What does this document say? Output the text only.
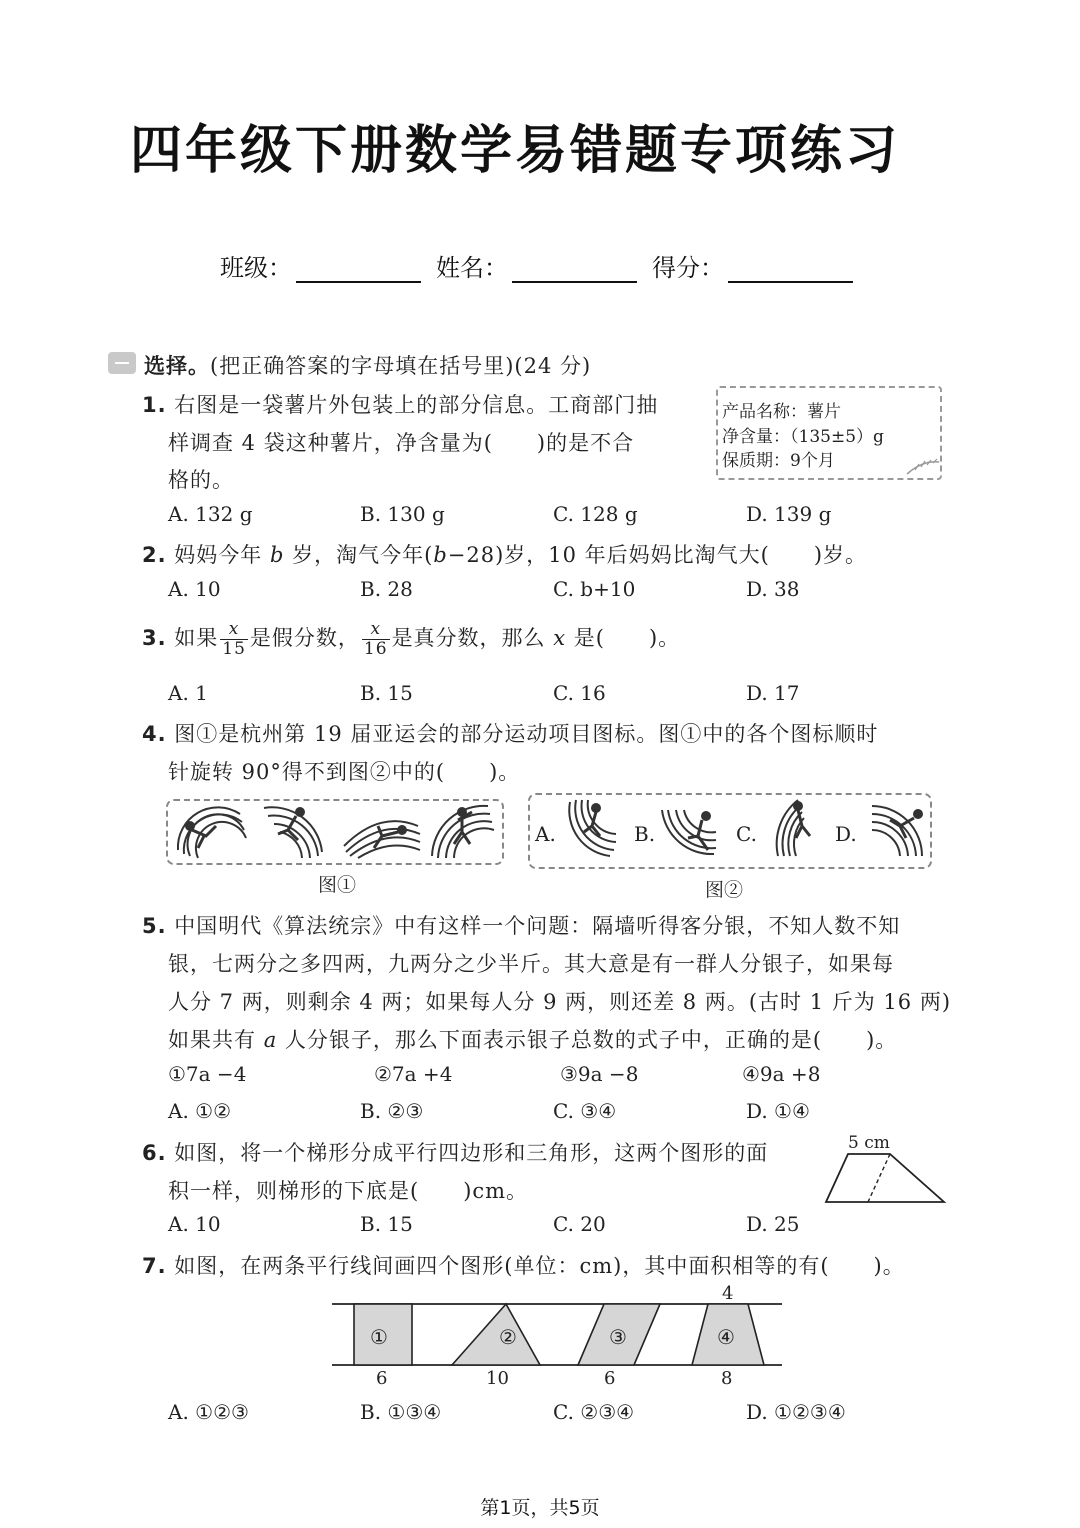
四年级下册数学易错题专项练习
班级：	姓名：	得分：
选择。(把正确答案的字母填在括号里)(24 分)
1. 右图是一袋薯片外包装上的部分信息。工商部门抽
样调查 4 袋这种薯片，净含量为(　　)的是不合
格的。
产品名称：薯片
净含量：（135±5）g
保质期：9个月
A. 132 g	B. 130 g	C. 128 g	D. 139 g
2. 妈妈今年 b 岁，淘气今年(b−28)岁，10 年后妈妈比淘气大(　　)岁。
A. 10	B. 28	C. b+10	D. 38
3. 如果 $\frac{x}{15}$ 是假分数， $\frac{x}{16}$ 是真分数，那么 x 是(　　)。
A. 1	B. 15	C. 16	D. 17
4. 图①是杭州第 19 届亚运会的部分运动项目图标。图①中的各个图标顺时
针旋转 90°得不到图②中的(　　)。
图①
A.	B.	C.	D.
图②
5. 中国明代《算法统宗》中有这样一个问题：隔墙听得客分银，不知人数不知
银，七两分之多四两，九两分之少半斤。其大意是有一群人分银子，如果每
人分 7 两，则剩余 4 两；如果每人分 9 两，则还差 8 两。(古时 1 斤为 16 两)
如果共有 a 人分银子，那么下面表示银子总数的式子中，正确的是(　　)。
①7a −4	②7a +4	③9a −8	④9a +8
A. ①②	B. ②③	C. ③④	D. ①④
6. 如图，将一个梯形分成平行四边形和三角形，这两个图形的面
积一样，则梯形的下底是(　　)cm。
A. 10	B. 15	C. 20	D. 25
5 cm
7. 如图，在两条平行线间画四个图形(单位：cm)，其中面积相等的有(　　)。
①	②	③	④
4
6	10	6	8
A. ①②③	B. ①③④	C. ②③④	D. ①②③④
第1页，共5页
